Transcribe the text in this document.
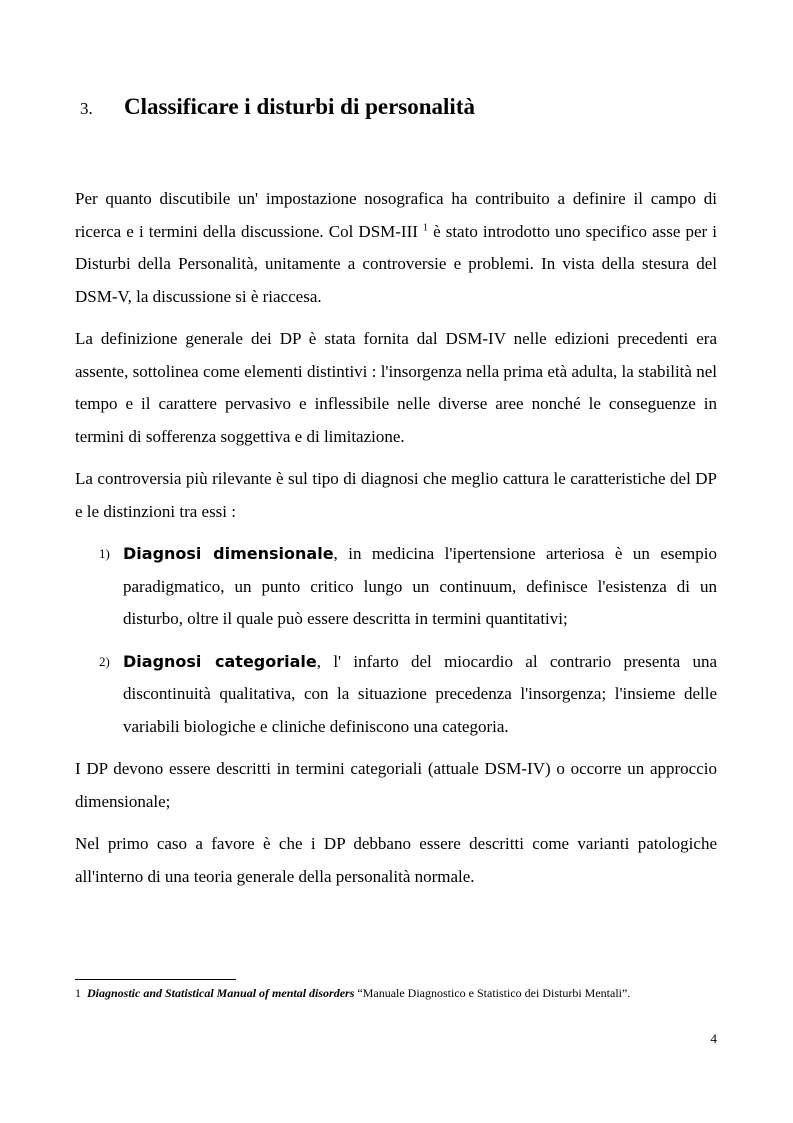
3. Classificare i disturbi di personalità

Per quanto discutibile un' impostazione nosografica ha contribuito a definire il campo di ricerca e i termini della discussione. Col DSM-III $^1$ è stato introdotto uno specifico asse per i Disturbi della Personalità, unitamente a controversie e problemi. In vista della stesura del DSM-V, la discussione si è riaccesa.

La definizione generale dei DP è stata fornita dal DSM-IV nelle edizioni precedenti era assente, sottolinea come elementi distintivi : l'insorgenza nella prima età adulta, la stabilità nel tempo e il carattere pervasivo e inflessibile nelle diverse aree nonché le conseguenze in termini di sofferenza soggettiva e di limitazione.

La controversia più rilevante è sul tipo di diagnosi che meglio cattura le caratteristiche del DP e le distinzioni tra essi :

1) Diagnosi dimensionale, in medicina l'ipertensione arteriosa è un esempio paradigmatico, un punto critico lungo un continuum, definisce l'esistenza di un disturbo, oltre il quale può essere descritta in termini quantitativi;
2) Diagnosi categoriale, l' infarto del miocardio al contrario presenta una discontinuità qualitativa, con la situazione precedenza l'insorgenza; l'insieme delle variabili biologiche e cliniche definiscono una categoria.

I DP devono essere descritti in termini categoriali (attuale DSM-IV) o occorre un approccio dimensionale;

Nel primo caso a favore è che i DP debbano essere descritti come varianti patologiche all'interno di una teoria generale della personalità normale.

1 Diagnostic and Statistical Manual of mental disorders “Manuale Diagnostico e Statistico dei Disturbi Mentali”.
4
